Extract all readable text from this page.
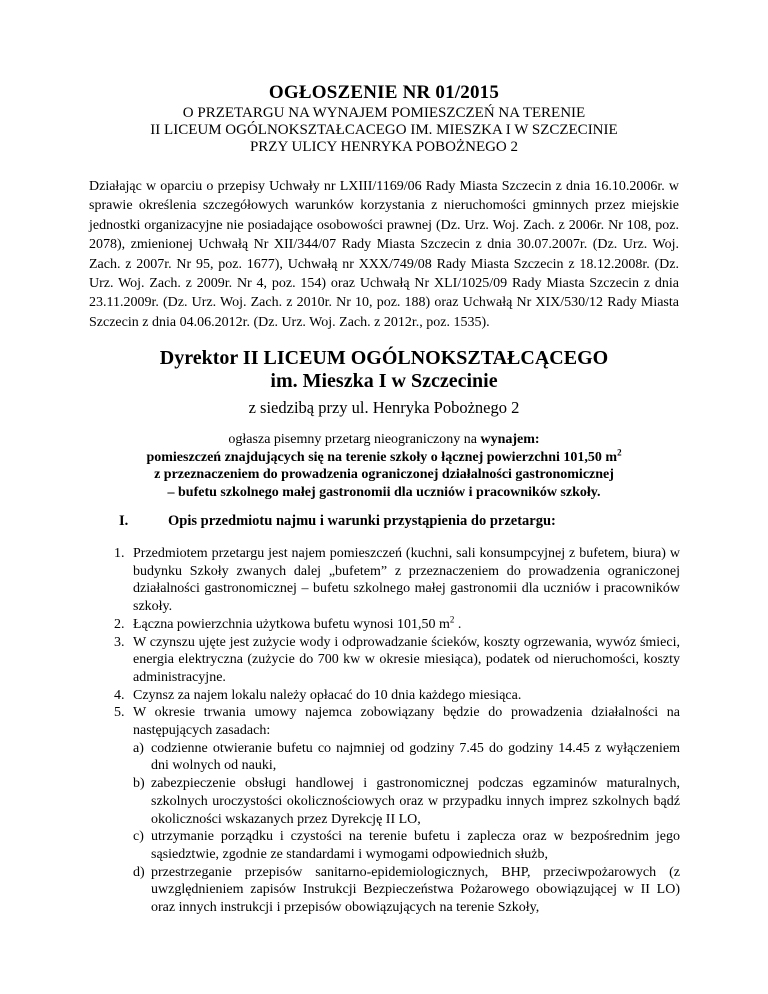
OGŁOSZENIE NR 01/2015
O PRZETARGU NA WYNAJEM POMIESZCZEŃ NA TERENIE
II LICEUM OGÓLNOKSZTAŁCACEGO IM. MIESZKA I W SZCZECINIE
PRZY ULICY HENRYKA POBOŻNEGO 2
Działając w oparciu o przepisy Uchwały nr LXIII/1169/06 Rady Miasta Szczecin z dnia 16.10.2006r. w sprawie określenia szczegółowych warunków korzystania z nieruchomości gminnych przez miejskie jednostki organizacyjne nie posiadające osobowości prawnej (Dz. Urz. Woj. Zach. z 2006r. Nr 108, poz. 2078), zmienionej Uchwałą Nr XII/344/07 Rady Miasta Szczecin z dnia 30.07.2007r. (Dz. Urz. Woj. Zach. z 2007r. Nr 95, poz. 1677), Uchwałą nr XXX/749/08 Rady Miasta Szczecin z 18.12.2008r. (Dz. Urz. Woj. Zach. z 2009r. Nr 4, poz. 154) oraz Uchwałą Nr XLI/1025/09 Rady Miasta Szczecin z dnia 23.11.2009r. (Dz. Urz. Woj. Zach. z 2010r. Nr 10, poz. 188) oraz Uchwałą Nr XIX/530/12 Rady Miasta Szczecin z dnia 04.06.2012r. (Dz. Urz. Woj. Zach. z 2012r., poz. 1535).
Dyrektor II LICEUM OGÓLNOKSZTAŁCĄCEGO
im. Mieszka I w Szczecinie
z siedzibą przy ul. Henryka Pobożnego 2
ogłasza pisemny przetarg nieograniczony na wynajem:
pomieszczeń znajdujących się na terenie szkoły o łącznej powierzchni 101,50 $m^2$
z przeznaczeniem do prowadzenia ograniczonej działalności gastronomicznej
– bufetu szkolnego małej gastronomii dla uczniów i pracowników szkoły.
I.	Opis przedmiotu najmu i warunki przystąpienia do przetargu:
1. Przedmiotem przetargu jest najem pomieszczeń (kuchni, sali konsumpcyjnej z bufetem, biura) w budynku Szkoły zwanych dalej „bufetem” z przeznaczeniem do prowadzenia ograniczonej działalności gastronomicznej – bufetu szkolnego małej gastronomii dla uczniów i pracowników szkoły.
2. Łączna powierzchnia użytkowa bufetu wynosi 101,50 $m^2$ .
3. W czynszu ujęte jest zużycie wody i odprowadzanie ścieków, koszty ogrzewania, wywóz śmieci, energia elektryczna (zużycie do 700 kw w okresie miesiąca), podatek od nieruchomości, koszty administracyjne.
4. Czynsz za najem lokalu należy opłacać do 10 dnia każdego miesiąca.
5. W okresie trwania umowy najemca zobowiązany będzie do prowadzenia działalności na następujących zasadach:
a) codzienne otwieranie bufetu co najmniej od godziny 7.45 do godziny 14.45 z wyłączeniem dni wolnych od nauki,
b) zabezpieczenie obsługi handlowej i gastronomicznej podczas egzaminów maturalnych, szkolnych uroczystości okolicznościowych oraz w przypadku innych imprez szkolnych bądź okoliczności wskazanych przez Dyrekcję II LO,
c) utrzymanie porządku i czystości na terenie bufetu i zaplecza oraz w bezpośrednim jego sąsiedztwie, zgodnie ze standardami i wymogami odpowiednich służb,
d) przestrzeganie przepisów sanitarno-epidemiologicznych, BHP, przeciwpożarowych (z uwzględnieniem zapisów Instrukcji Bezpieczeństwa Pożarowego obowiązującej w II LO) oraz innych instrukcji i przepisów obowiązujących na terenie Szkoły,
